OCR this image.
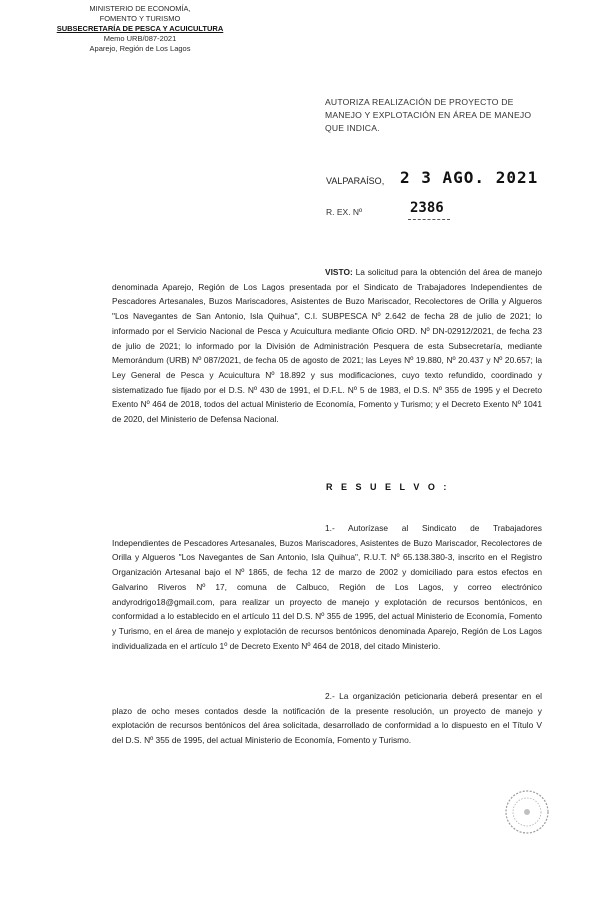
MINISTERIO DE ECONOMÍA,
FOMENTO Y TURISMO
SUBSECRETARÍA DE PESCA Y ACUICULTURA
Memo URB/087-2021
Aparejo, Región de Los Lagos
AUTORIZA REALIZACIÓN DE PROYECTO DE MANEJO Y EXPLOTACIÓN EN ÁREA DE MANEJO QUE INDICA.
VALPARAÍSO, 2 3 AGO. 2021
R. EX. Nº	2386
VISTO: La solicitud para la obtención del área de manejo denominada Aparejo, Región de Los Lagos presentada por el Sindicato de Trabajadores Independientes de Pescadores Artesanales, Buzos Mariscadores, Asistentes de Buzo Mariscador, Recolectores de Orilla y Algueros "Los Navegantes de San Antonio, Isla Quihua", C.I. SUBPESCA Nº 2.642 de fecha 28 de julio de 2021; lo informado por el Servicio Nacional de Pesca y Acuicultura mediante Oficio ORD. Nº DN-02912/2021, de fecha 23 de julio de 2021; lo informado por la División de Administración Pesquera de esta Subsecretaría, mediante Memorándum (URB) Nº 087/2021, de fecha 05 de agosto de 2021; las Leyes Nº 19.880, Nº 20.437 y Nº 20.657; la Ley General de Pesca y Acuicultura Nº 18.892 y sus modificaciones, cuyo texto refundido, coordinado y sistematizado fue fijado por el D.S. Nº 430 de 1991, el D.F.L. Nº 5 de 1983, el D.S. Nº 355 de 1995 y el Decreto Exento Nº 464 de 2018, todos del actual Ministerio de Economía, Fomento y Turismo; y el Decreto Exento Nº 1041 de 2020, del Ministerio de Defensa Nacional.
R E S U E L V O :
1.- Autorízase al Sindicato de Trabajadores Independientes de Pescadores Artesanales, Buzos Mariscadores, Asistentes de Buzo Mariscador, Recolectores de Orilla y Algueros "Los Navegantes de San Antonio, Isla Quihua", R.U.T. Nº 65.138.380-3, inscrito en el Registro Organización Artesanal bajo el Nº 1865, de fecha 12 de marzo de 2002 y domiciliado para estos efectos en Galvarino Riveros Nº 17, comuna de Calbuco, Región de Los Lagos, y correo electrónico andyrodrigo18@gmail.com, para realizar un proyecto de manejo y explotación de recursos bentónicos, en conformidad a lo establecido en el artículo 11 del D.S. Nº 355 de 1995, del actual Ministerio de Economía, Fomento y Turismo, en el área de manejo y explotación de recursos bentónicos denominada Aparejo, Región de Los Lagos individualizada en el artículo 1º de Decreto Exento Nº 464 de 2018, del citado Ministerio.
2.- La organización peticionaria deberá presentar en el plazo de ocho meses contados desde la notificación de la presente resolución, un proyecto de manejo y explotación de recursos bentónicos del área solicitada, desarrollado de conformidad a lo dispuesto en el Título V del D.S. Nº 355 de 1995, del actual Ministerio de Economía, Fomento y Turismo.
